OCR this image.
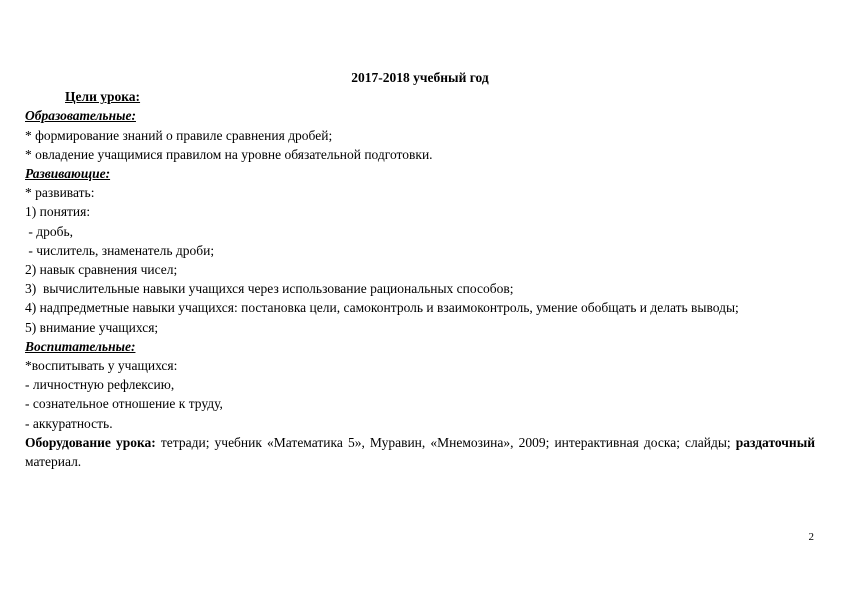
2017-2018 учебный год
Цели урока:
Образовательные:
* формирование знаний о правиле сравнения дробей;
* овладение учащимися правилом на уровне обязательной подготовки.
Развивающие:
* развивать:
1) понятия:
- дробь,
- числитель, знаменатель дроби;
2) навык сравнения чисел;
3)  вычислительные навыки учащихся через использование рациональных способов;
4) надпредметные навыки учащихся: постановка цели, самоконтроль и взаимоконтроль, умение обобщать и делать выводы;
5) внимание учащихся;
Воспитательные:
*воспитывать у учащихся:
- личностную рефлексию,
- сознательное отношение к труду,
- аккуратность.
Оборудование урока: тетради; учебник «Математика 5», Муравин, «Мнемозина», 2009; интерактивная доска; слайды; раздаточный материал.
2
